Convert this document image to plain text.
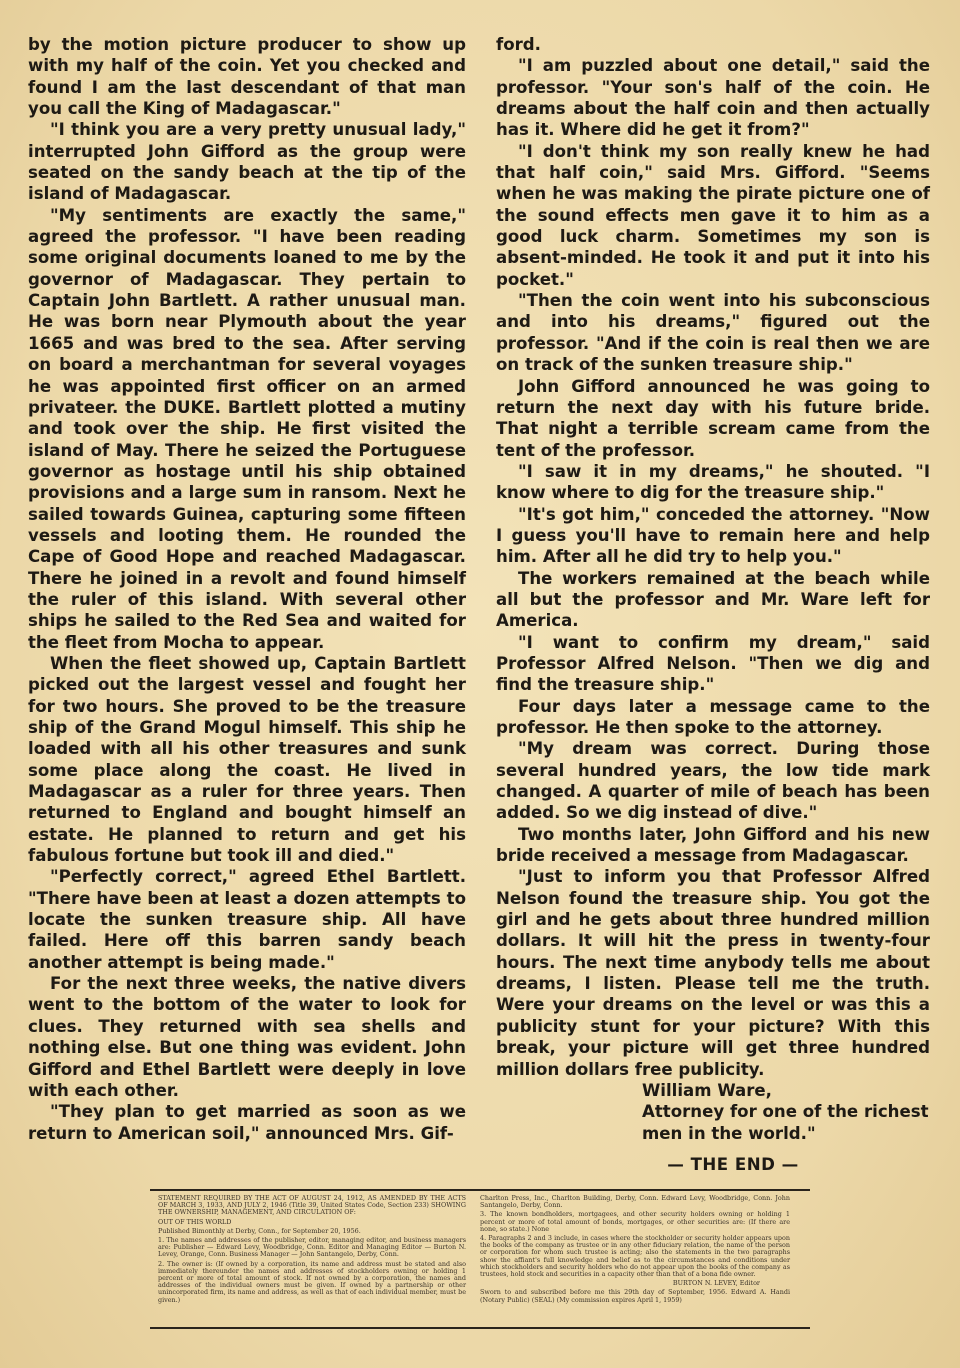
by the motion picture producer to show up with my half of the coin. Yet you checked and found I am the last descendant of that man you call the King of Madagascar."

"I think you are a very pretty unusual lady," interrupted John Gifford as the group were seated on the sandy beach at the tip of the island of Madagascar.

"My sentiments are exactly the same," agreed the professor. "I have been reading some original documents loaned to me by the governor of Madagascar. They pertain to Captain John Bartlett. A rather unusual man. He was born near Plymouth about the year 1665 and was bred to the sea. After serving on board a merchantman for several voyages he was appointed first officer on an armed privateer. the DUKE. Bartlett plotted a mutiny and took over the ship. He first visited the island of May. There he seized the Portuguese governor as hostage until his ship obtained provisions and a large sum in ransom. Next he sailed towards Guinea, capturing some fifteen vessels and looting them. He rounded the Cape of Good Hope and reached Madagascar. There he joined in a revolt and found himself the ruler of this island. With several other ships he sailed to the Red Sea and waited for the fleet from Mocha to appear.

When the fleet showed up, Captain Bartlett picked out the largest vessel and fought her for two hours. She proved to be the treasure ship of the Grand Mogul himself. This ship he loaded with all his other treasures and sunk some place along the coast. He lived in Madagascar as a ruler for three years. Then returned to England and bought himself an estate. He planned to return and get his fabulous fortune but took ill and died."

"Perfectly correct," agreed Ethel Bartlett. "There have been at least a dozen attempts to locate the sunken treasure ship. All have failed. Here off this barren sandy beach another attempt is being made."

For the next three weeks, the native divers went to the bottom of the water to look for clues. They returned with sea shells and nothing else. But one thing was evident. John Gifford and Ethel Bartlett were deeply in love with each other.

"They plan to get married as soon as we return to American soil," announced Mrs. Gif-

ford.

"I am puzzled about one detail," said the professor. "Your son's half of the coin. He dreams about the half coin and then actually has it. Where did he get it from?"

"I don't think my son really knew he had that half coin," said Mrs. Gifford. "Seems when he was making the pirate picture one of the sound effects men gave it to him as a good luck charm. Sometimes my son is absent-minded. He took it and put it into his pocket."

"Then the coin went into his subconscious and into his dreams," figured out the professor. "And if the coin is real then we are on track of the sunken treasure ship."

John Gifford announced he was going to return the next day with his future bride. That night a terrible scream came from the tent of the professor.

"I saw it in my dreams," he shouted. "I know where to dig for the treasure ship."

"It's got him," conceded the attorney. "Now I guess you'll have to remain here and help him. After all he did try to help you."

The workers remained at the beach while all but the professor and Mr. Ware left for America.

"I want to confirm my dream," said Professor Alfred Nelson. "Then we dig and find the treasure ship."

Four days later a message came to the professor. He then spoke to the attorney.

"My dream was correct. During those several hundred years, the low tide mark changed. A quarter of mile of beach has been added. So we dig instead of dive."

Two months later, John Gifford and his new bride received a message from Madagascar.

"Just to inform you that Professor Alfred Nelson found the treasure ship. You got the girl and he gets about three hundred million dollars. It will hit the press in twenty-four hours. The next time anybody tells me about dreams, I listen. Please tell me the truth. Were your dreams on the level or was this a publicity stunt for your picture? With this break, your picture will get three hundred million dollars free publicity.

William Ware,

Attorney for one of the richest

men in the world."

— THE END —

STATEMENT REQUIRED BY THE ACT OF AUGUST 24, 1912, AS AMENDED BY THE ACTS OF MARCH 3, 1933, AND JULY 2, 1946 (Title 39, United States Code, Section 233) SHOWING THE OWNERSHIP, MANAGEMENT, AND CIRCULATION OF:

OUT OF THIS WORLD

Published Bimonthly at Derby, Conn., for September 20, 1956.

1. The names and addresses of the publisher, editor, managing editor, and business managers are: Publisher — Edward Levy, Woodbridge, Conn. Editor and Managing Editor — Burton N. Levey, Orange, Conn. Business Manager — John Santangelo, Derby, Conn.

2. The owner is: (If owned by a corporation, its name and address must be stated and also immediately thereunder the names and addresses of stockholders owning or holding 1 percent or more of total amount of stock. If not owned by a corporation, the names and addresses of the individual owners must be given. If owned by a partnership or other unincorporated firm, its name and address, as well as that of each individual member, must be given.)

Charlton Press, Inc., Charlton Building, Derby, Conn. Edward Levy, Woodbridge, Conn. John Santangelo, Derby, Conn.

3. The known bondholders, mortgagees, and other security holders owning or holding 1 percent or more of total amount of bonds, mortgages, or other securities are: (If there are none, so state.) None

4. Paragraphs 2 and 3 include, in cases where the stockholder or security holder appears upon the books of the company as trustee or in any other fiduciary relation, the name of the person or corporation for whom such trustee is acting; also the statements in the two paragraphs show the affiant's full knowledge and belief as to the circumstances and conditions under which stockholders and security holders who do not appear upon the books of the company as trustees, hold stock and securities in a capacity other than that of a bona fide owner.

BURTON N. LEVEY, Editor

Sworn to and subscribed before me this 29th day of September, 1956. Edward A. Handi (Notary Public) (SEAL) (My commission expires April 1, 1959)
